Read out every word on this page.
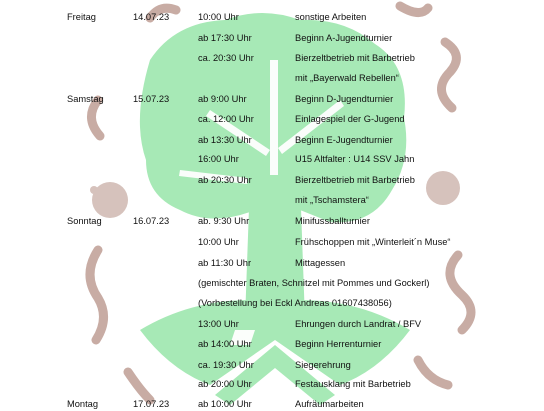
Freitag	14.07.23	10:00 Uhr	sonstige Arbeiten
ab 17:30 Uhr	Beginn A-Jugendturnier
ca. 20:30 Uhr	Bierzeltbetrieb mit Barbetrieb
mit „Bayerwald Rebellen“
Samstag	15.07.23	ab 9:00 Uhr	Beginn D-Jugendturnier
ca. 12:00 Uhr	Einlagespiel der G-Jugend
ab 13:30 Uhr	Beginn E-Jugendturnier
16:00 Uhr	U15 Altfalter : U14 SSV Jahn
ab 20:30 Uhr	Bierzeltbetrieb mit Barbetrieb
mit „Tschamstera“
Sonntag	16.07.23	ab. 9:30 Uhr	Minifussballturnier
10:00 Uhr	Frühschoppen mit „Winterleit´n Muse“
ab 11:30 Uhr	Mittagessen
(gemischter Braten, Schnitzel mit Pommes und Gockerl)
(Vorbestellung bei Eckl Andreas 01607438056)
13:00 Uhr	Ehrungen durch Landrat / BFV
ab 14:00 Uhr	Beginn Herrenturnier
ca. 19:30 Uhr	Siegerehrung
ab 20:00 Uhr	Festausklang mit Barbetrieb
Montag	17.07.23	ab 10:00 Uhr	Aufräumarbeiten
